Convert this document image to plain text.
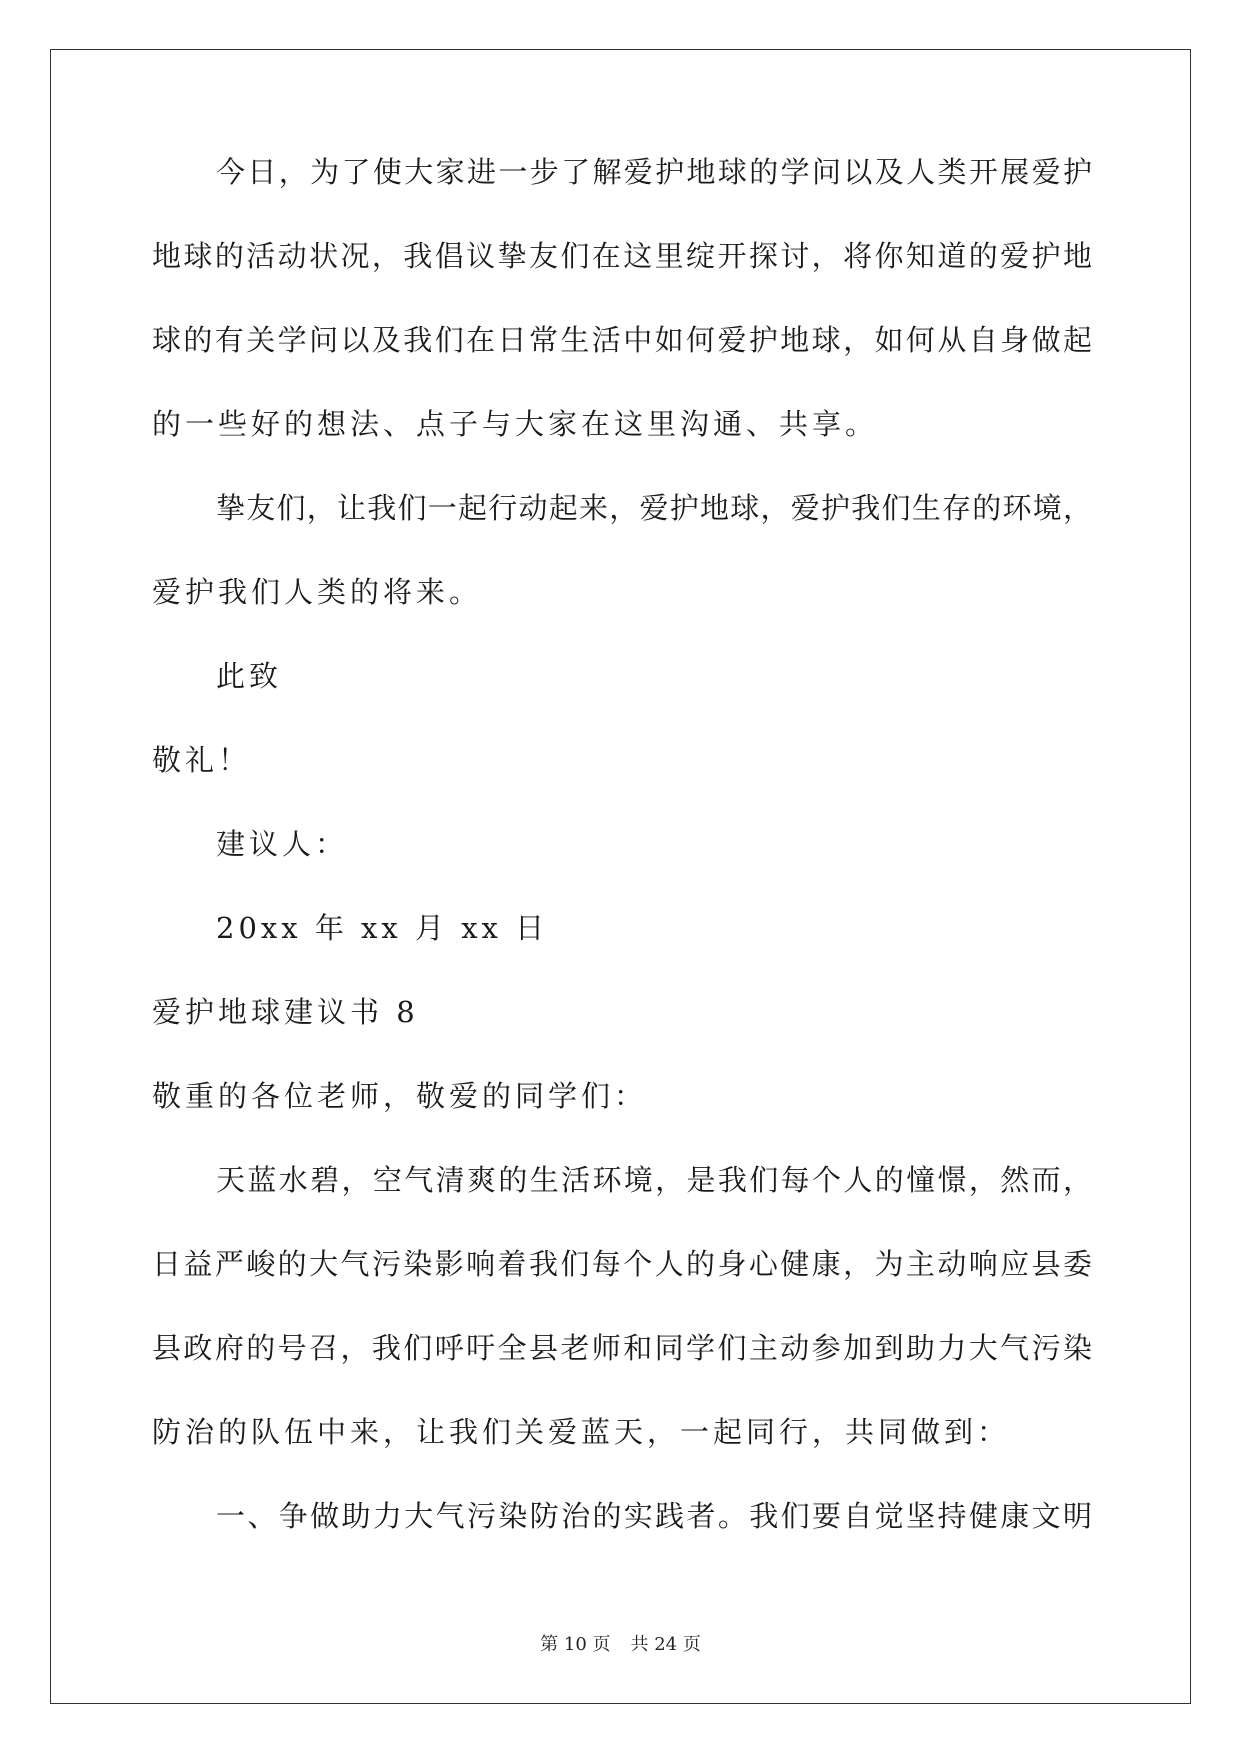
今日，为了使大家进一步了解爱护地球的学问以及人类开展爱护
地球的活动状况，我倡议挚友们在这里绽开探讨，将你知道的爱护地
球的有关学问以及我们在日常生活中如何爱护地球，如何从自身做起
的一些好的想法、点子与大家在这里沟通、共享。
挚友们，让我们一起行动起来，爱护地球，爱护我们生存的环境，
爱护我们人类的将来。
此致
敬礼！
建议人：
20xx 年 xx 月 xx 日
爱护地球建议书 8
敬重的各位老师，敬爱的同学们：
天蓝水碧，空气清爽的生活环境，是我们每个人的憧憬，然而，
日益严峻的大气污染影响着我们每个人的身心健康，为主动响应县委
县政府的号召，我们呼吁全县老师和同学们主动参加到助力大气污染
防治的队伍中来，让我们关爱蓝天，一起同行，共同做到：
一、争做助力大气污染防治的实践者。我们要自觉坚持健康文明
第 10 页 共 24 页
